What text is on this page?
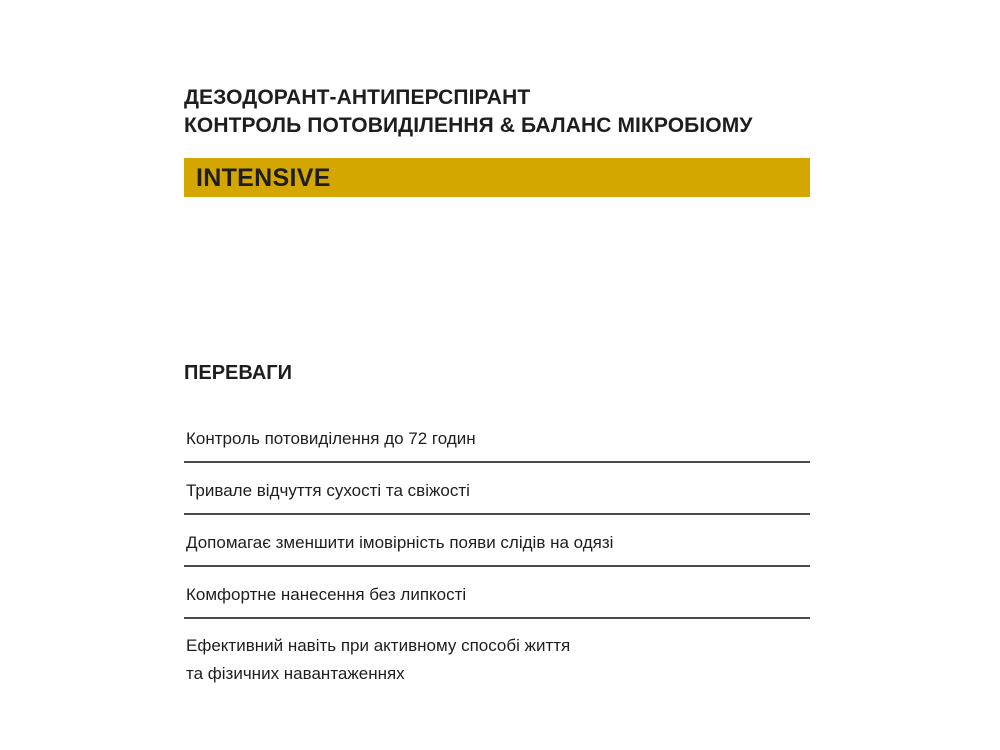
ДЕЗОДОРАНТ-АНТИПЕРСПІРАНТ
КОНТРОЛЬ ПОТОВИДІЛЕННЯ & БАЛАНС МІКРОБІОМУ
INTENSIVE
ПЕРЕВАГИ
Контроль потовиділення до 72 годин
Тривале відчуття сухості та свіжості
Допомагає зменшити імовірність появи слідів на одязі
Комфортне нанесення без липкості
Ефективний навіть при активному способі життя
та фізичних навантаженнях
